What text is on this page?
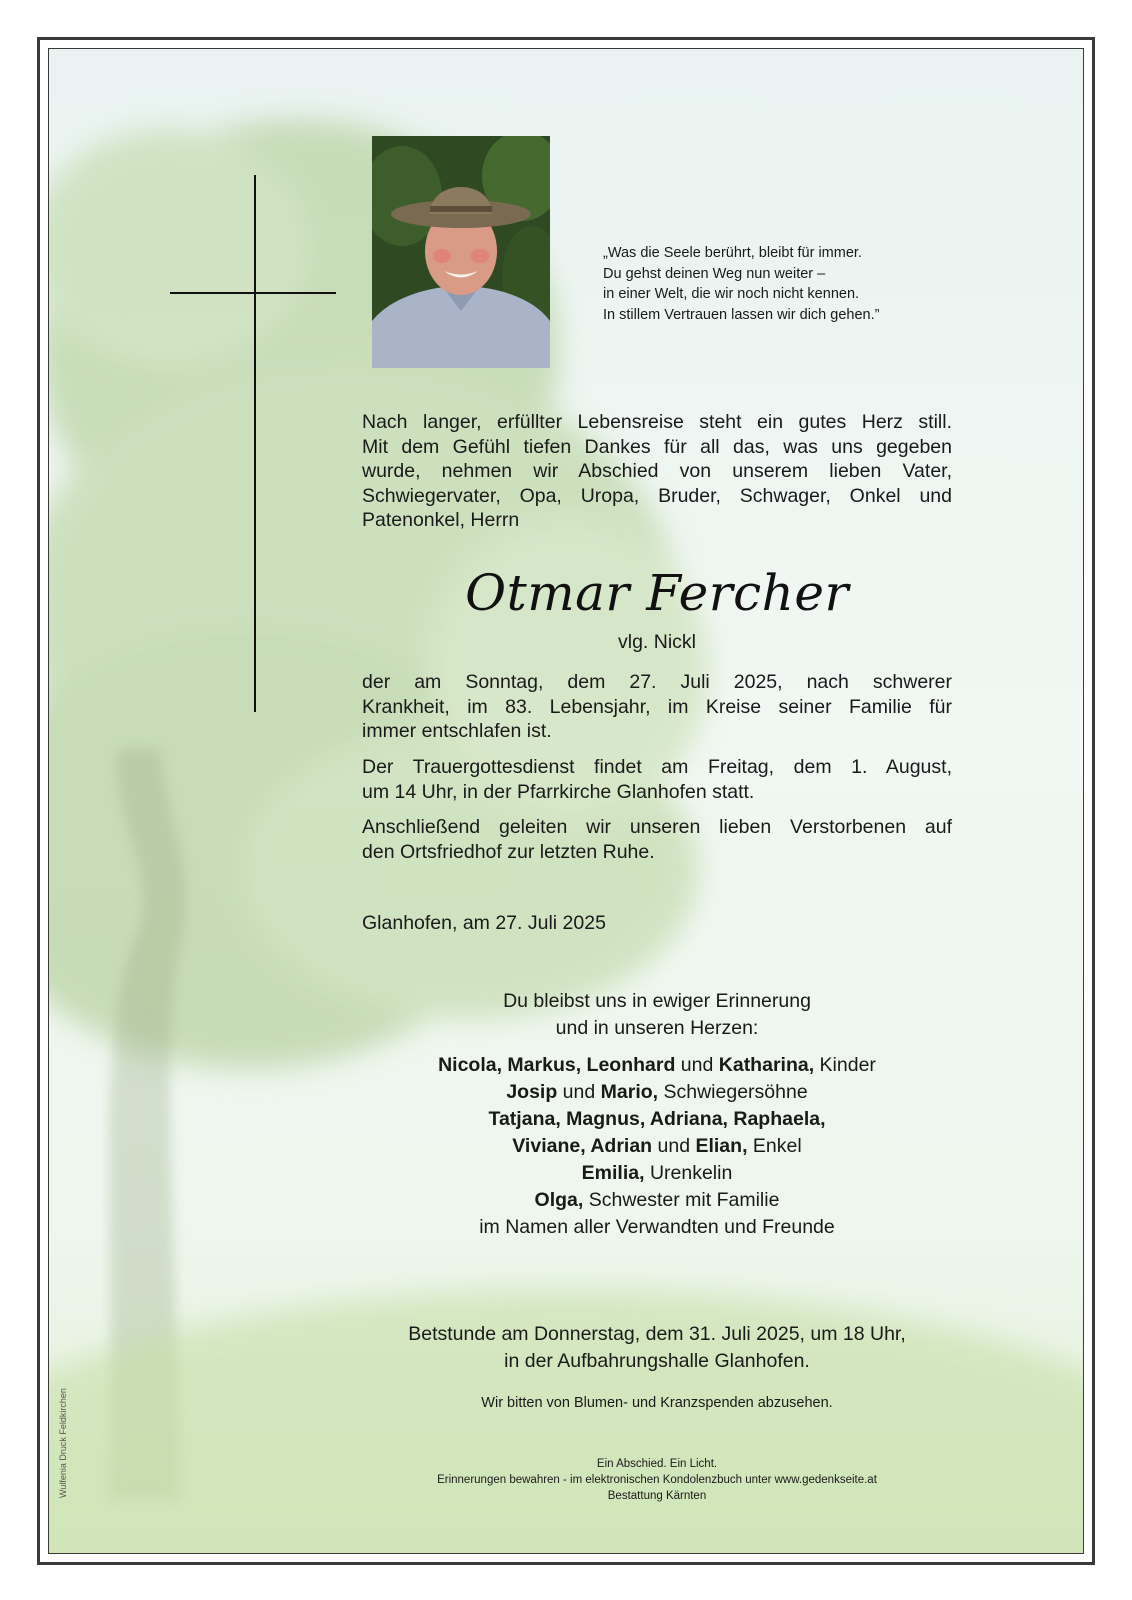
„Was die Seele berührt, bleibt für immer.
Du gehst deinen Weg nun weiter –
in einer Welt, die wir noch nicht kennen.
In stillem Vertrauen lassen wir dich gehen.”
Nach langer, erfüllter Lebensreise steht ein gutes Herz still.
Mit dem Gefühl tiefen Dankes für all das, was uns gegeben
wurde, nehmen wir Abschied von unserem lieben Vater,
Schwiegervater, Opa, Uropa, Bruder, Schwager, Onkel und
Patenonkel, Herrn
Otmar Fercher
vlg. Nickl
der am Sonntag, dem 27. Juli 2025, nach schwerer
Krankheit, im 83. Lebensjahr, im Kreise seiner Familie für
immer entschlafen ist.
Der Trauergottesdienst findet am Freitag, dem 1. August,
um 14 Uhr, in der Pfarrkirche Glanhofen statt.
Anschließend geleiten wir unseren lieben Verstorbenen auf
den Ortsfriedhof zur letzten Ruhe.
Glanhofen, am 27. Juli 2025
Du bleibst uns in ewiger Erinnerung
und in unseren Herzen:
Nicola, Markus, Leonhard und Katharina, Kinder
Josip und Mario, Schwiegersöhne
Tatjana, Magnus, Adriana, Raphaela,
Viviane, Adrian und Elian, Enkel
Emilia, Urenkelin
Olga, Schwester mit Familie
im Namen aller Verwandten und Freunde
Betstunde am Donnerstag, dem 31. Juli 2025, um 18 Uhr,
in der Aufbahrungshalle Glanhofen.
Wir bitten von Blumen- und Kranzspenden abzusehen.
Ein Abschied. Ein Licht.
Erinnerungen bewahren - im elektronischen Kondolenzbuch unter www.gedenkseite.at
Bestattung Kärnten
Wulfenia Druck Feldkirchen
